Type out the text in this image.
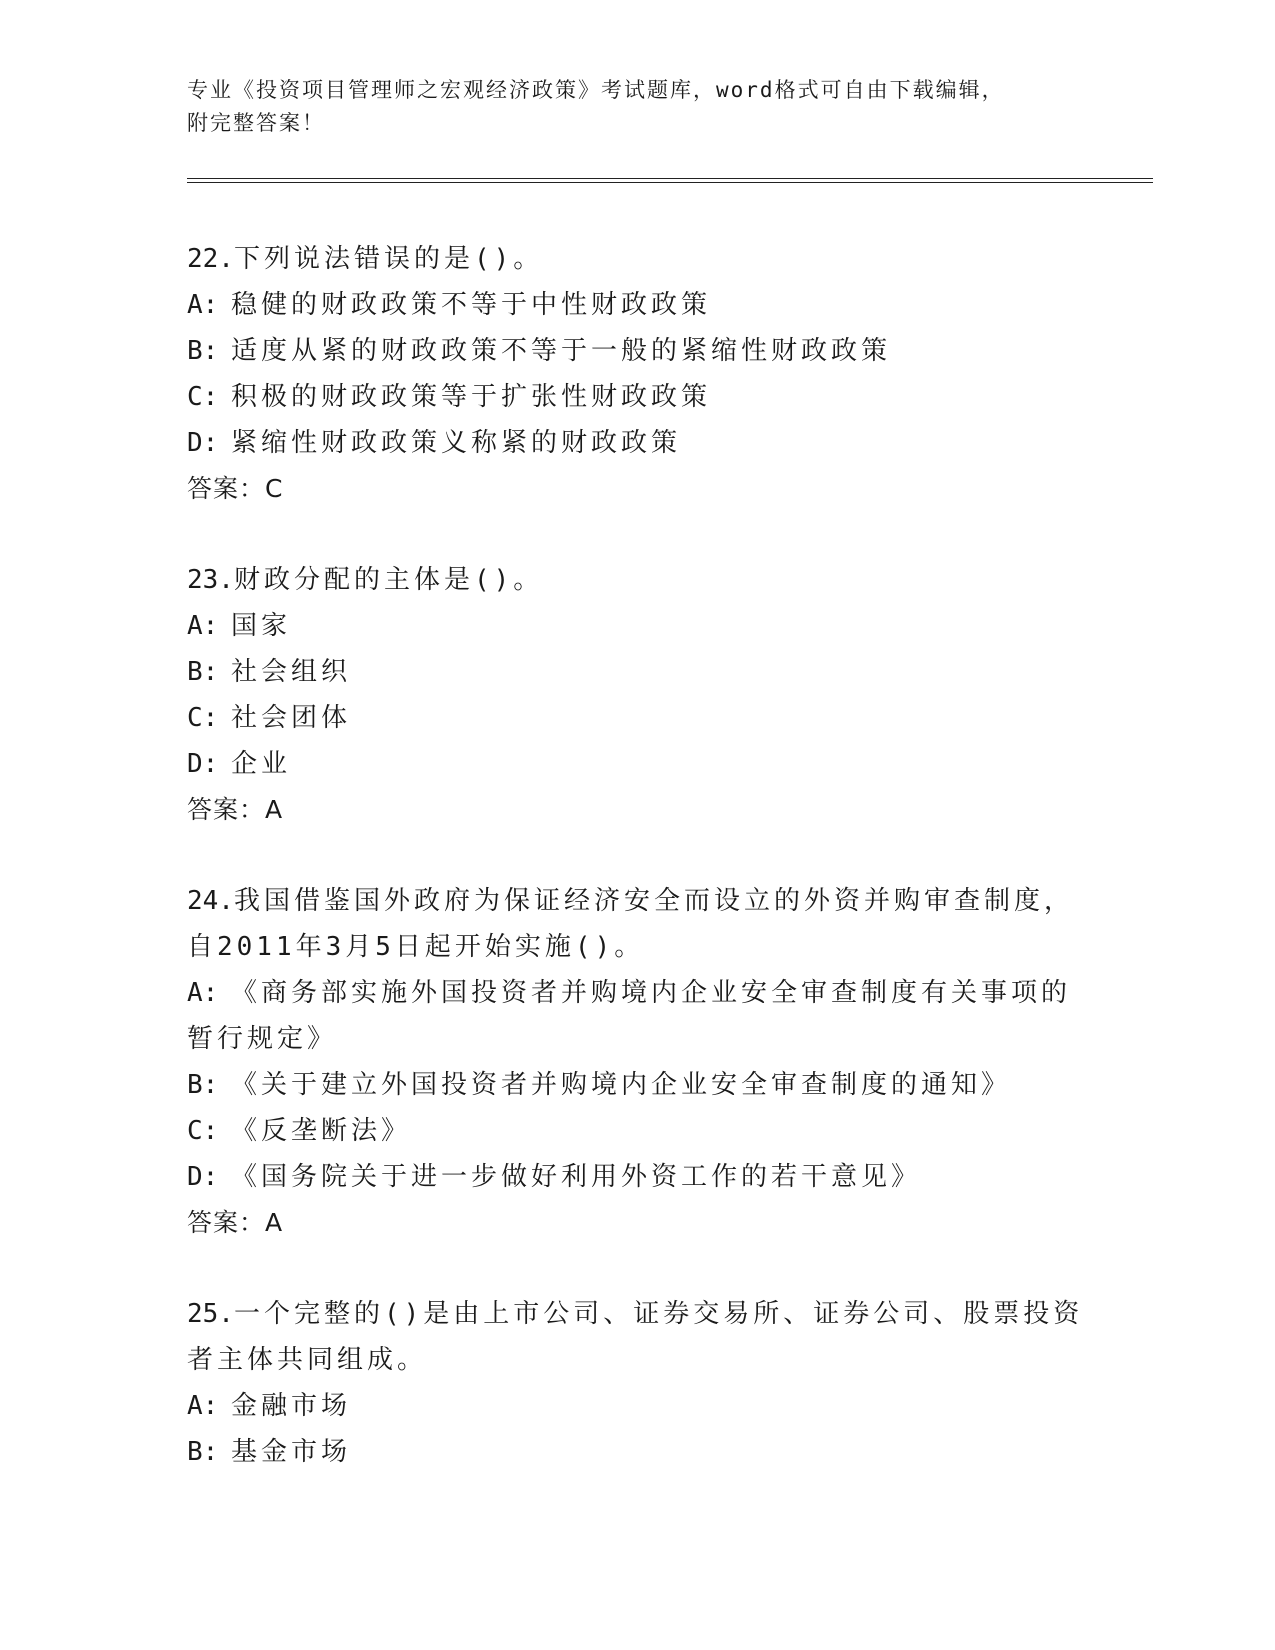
专业《投资项目管理师之宏观经济政策》考试题库，word格式可自由下载编辑，
附完整答案！
22.下列说法错误的是()。
A: 稳健的财政政策不等于中性财政政策
B: 适度从紧的财政政策不等于一般的紧缩性财政政策
C: 积极的财政政策等于扩张性财政政策
D: 紧缩性财政政策义称紧的财政政策
答案：C
23.财政分配的主体是()。
A: 国家
B: 社会组织
C: 社会团体
D: 企业
答案：A
24.我国借鉴国外政府为保证经济安全而设立的外资并购审查制度，自2011年3月5日起开始实施()。
A: 《商务部实施外国投资者并购境内企业安全审查制度有关事项的暂行规定》
B: 《关于建立外国投资者并购境内企业安全审查制度的通知》
C: 《反垄断法》
D: 《国务院关于进一步做好利用外资工作的若干意见》
答案：A
25.一个完整的()是由上市公司、证券交易所、证券公司、股票投资者主体共同组成。
A: 金融市场
B: 基金市场
